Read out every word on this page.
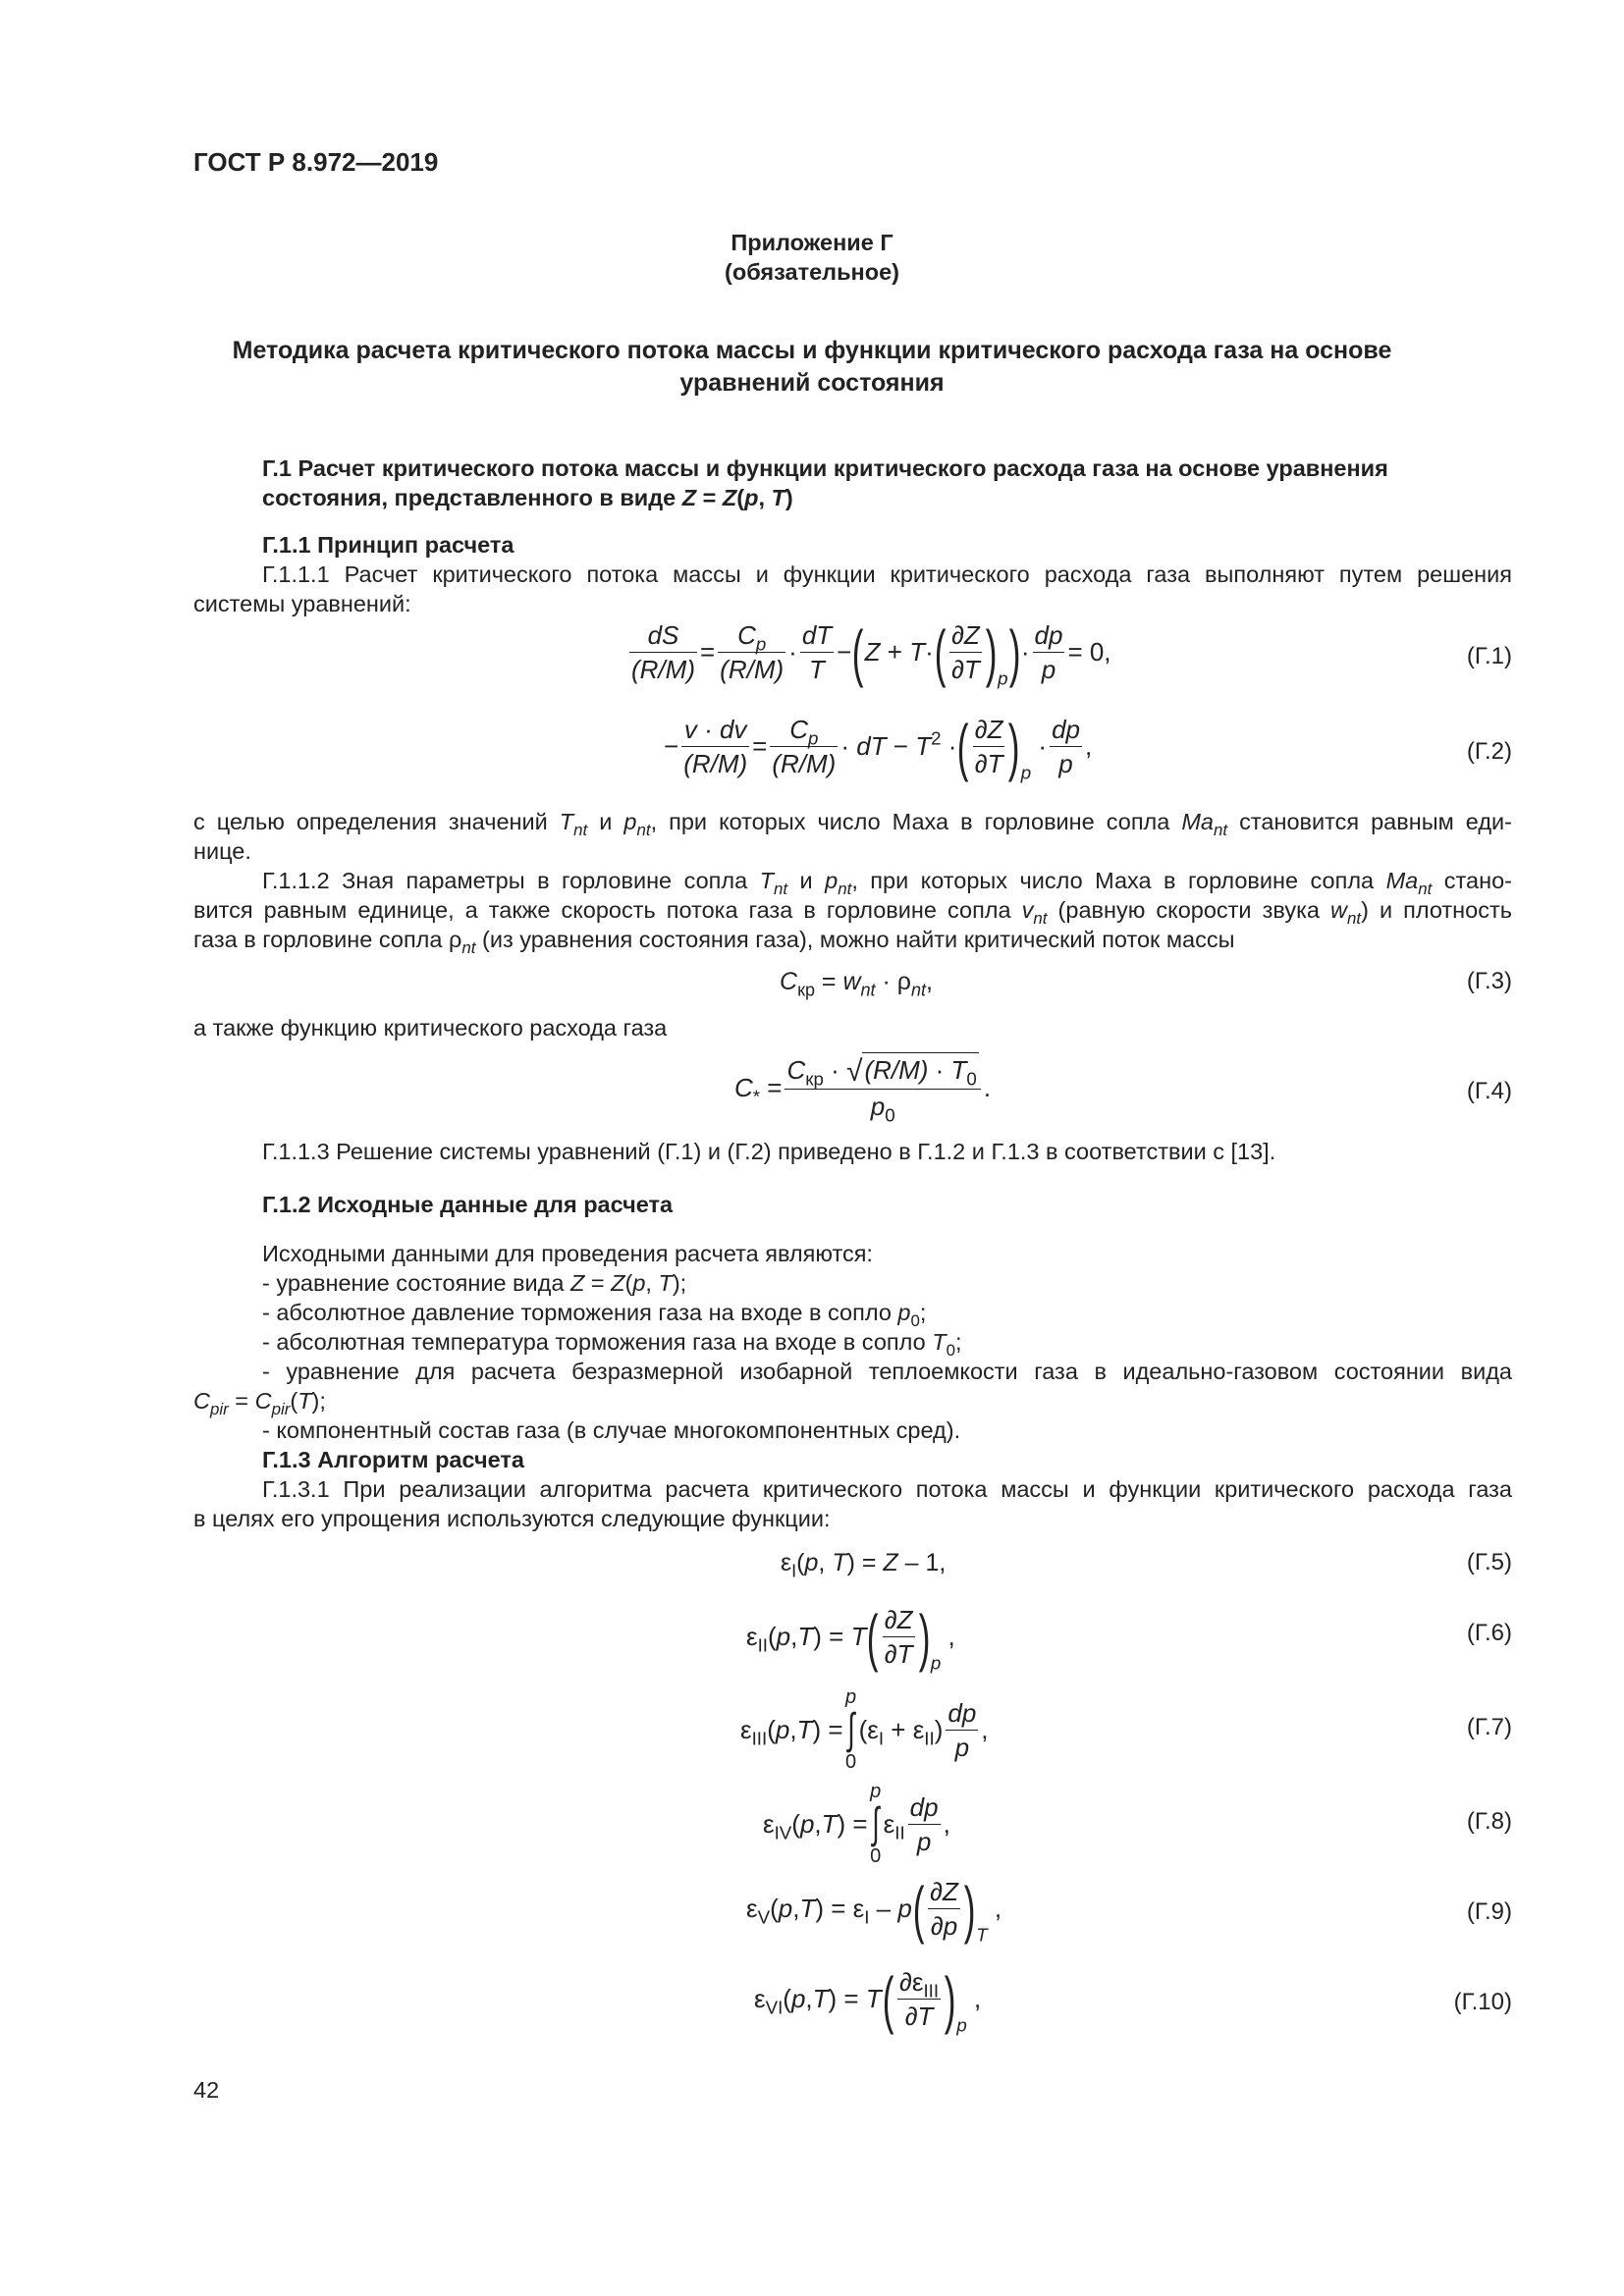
ГОСТ Р 8.972—2019
Приложение Г
(обязательное)
Методика расчета критического потока массы и функции критического расхода газа на основе
уравнений состояния
Г.1 Расчет критического потока массы и функции критического расхода газа на основе уравнения
состояния, представленного в виде Z = Z(p, T)
Г.1.1 Принцип расчета
Г.1.1.1 Расчет критического потока массы и функции критического расхода газа выполняют путем решения
системы уравнений:
$\frac{dS}{(R/M)} = \frac{C_p}{(R/M)} \cdot \frac{dT}{T} -(Z + T\cdot( \frac{\partial Z}{\partial T} )_p)\cdot \frac{dp}{p} = 0$,	(Г.1)
− $\frac{v \cdot dv}{(R/M)} = \frac{C_p}{(R/M)}$ · dT − $T^2$ ·( $\frac{\partial Z}{\partial T} )_p \cdot \frac{dp}{p}$ ,	(Г.2)
с целью определения значений $T_{nt}$ и $p_{nt}$, при которых число Маха в горловине сопла $Ma_{nt}$ становится равным еди-
нице.
Г.1.1.2 Зная параметры в горловине сопла $T_{nt}$ и $p_{nt}$, при которых число Маха в горловине сопла $Ma_{nt}$ стано-
вится равным единице, а также скорость потока газа в горловине сопла $v_{nt}$ (равную скорости звука $w_{nt}$) и плотность
газа в горловине сопла $\rho_{nt}$ (из уравнения состояния газа), можно найти критический поток массы
$C_{кр} = w_{nt} \cdot \rho_{nt}$,	(Г.3)
а также функцию критического расхода газа
$C_*$ =
$C_{кр} \cdot √(R/M) \cdot T_0$
$p_0$
.	(Г.4)
Г.1.1.3 Решение системы уравнений (Г.1) и (Г.2) приведено в Г.1.2 и Г.1.3 в соответствии с [13].
Г.1.2 Исходные данные для расчета
Исходными данными для проведения расчета являются:
- уравнение состояние вида Z = Z(p, T);
- абсолютное давление торможения газа на входе в сопло $p_0$;
- абсолютная температура торможения газа на входе в сопло $T_0$;
- уравнение для расчета безразмерной изобарной теплоемкости газа в идеально-газовом состоянии вида
$C_{pir} = C_{pir}(T)$;
- компонентный состав газа (в случае многокомпонентных сред).
Г.1.3 Алгоритм расчета
Г.1.3.1 При реализации алгоритма расчета критического потока массы и функции критического расхода газа
в целях его упрощения используются следующие функции:
$\varepsilon_I(p$, T) = Z – 1,	(Г.5)
$\varepsilon_{II}(p,T) = T( \frac{\partial Z}{\partial T} )_p$ ,	(Г.6)
$\varepsilon_{III}(p,T)$ =
p
∫
0
$(\varepsilon_I + \varepsilon_{II}) \frac{dp}{p}$ ,	(Г.7)
$\varepsilon_{IV}(p,T)$ =
p
∫
0
$\varepsilon_{II} \frac{dp}{p}$ ,	(Г.8)
$\varepsilon_V(p,T) = \varepsilon_I - p( \frac{\partial Z}{\partial p} )_T$ ,	(Г.9)
$\varepsilon_{VI}(p,T) = T$( $\partial\varepsilon_{III}$
∂T )$_p$ ,	(Г.10)
42
